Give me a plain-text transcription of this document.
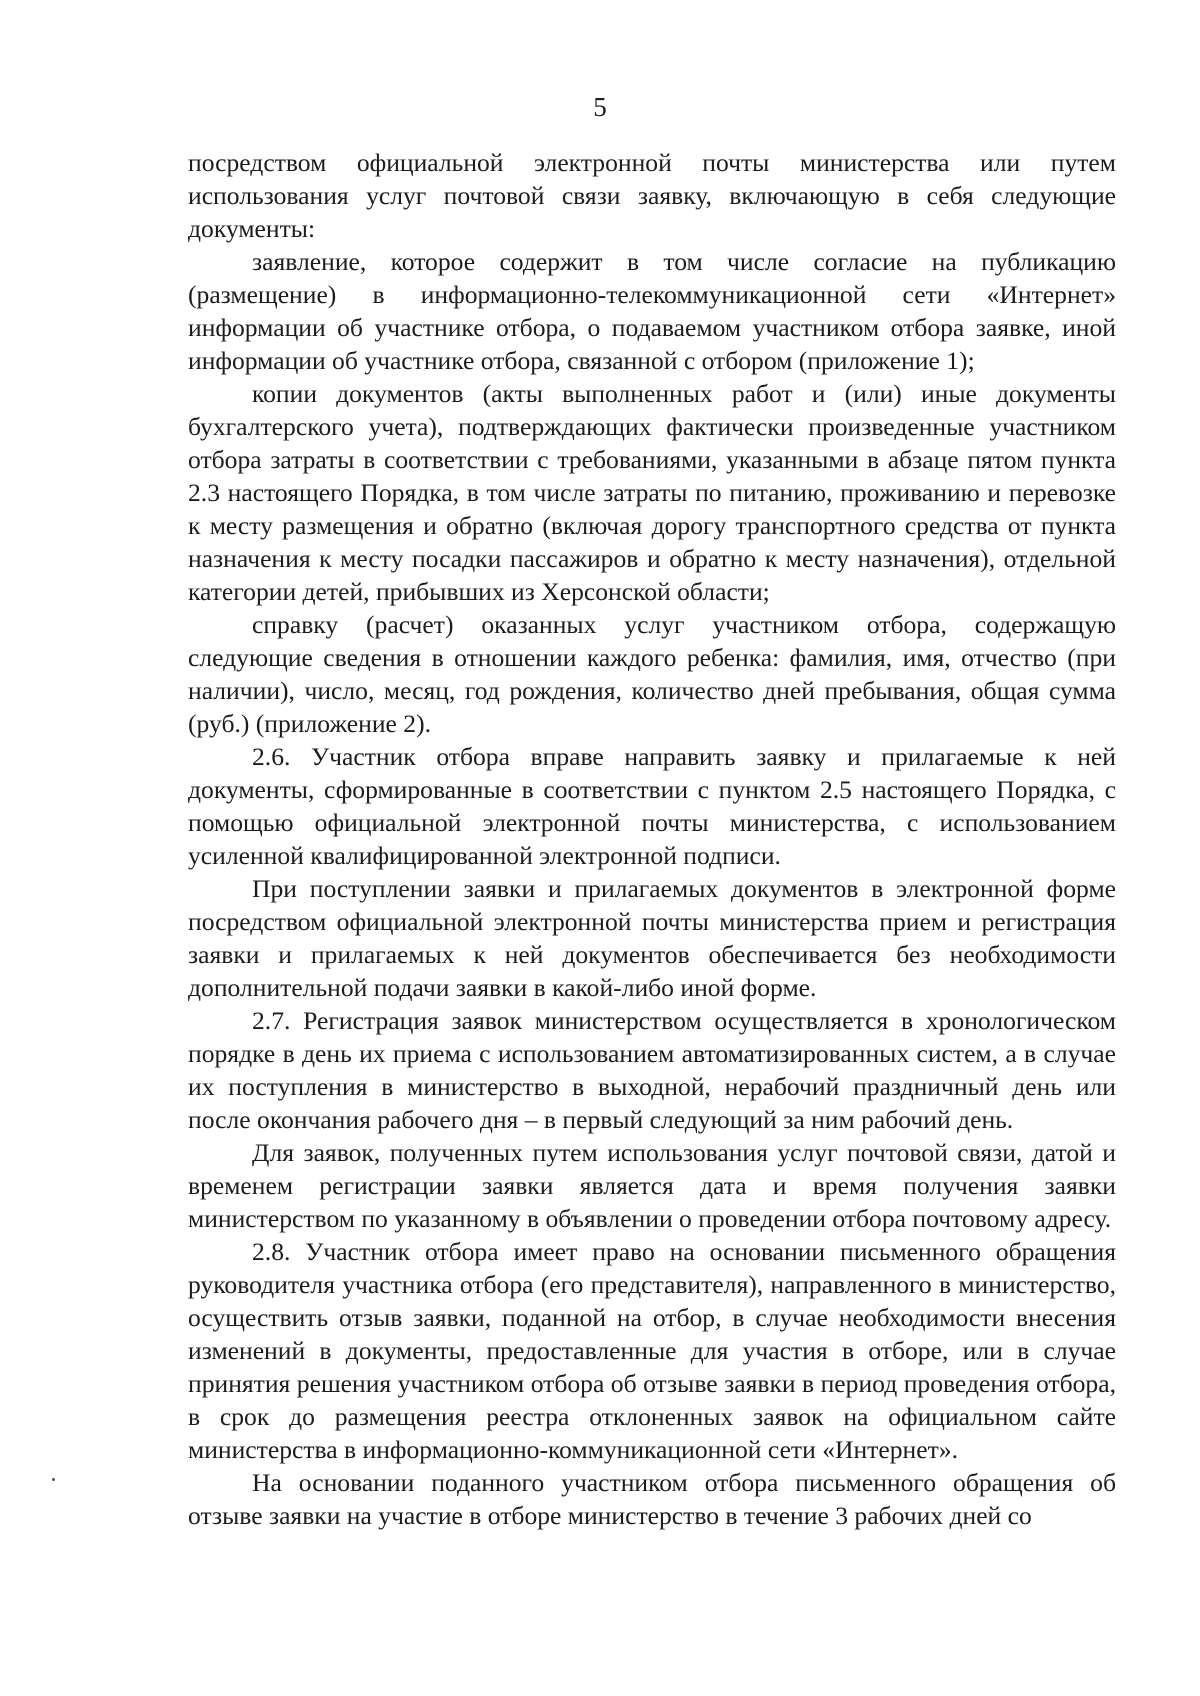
5

посредством официальной электронной почты министерства или путем использования услуг почтовой связи заявку, включающую в себя следующие документы:

заявление, которое содержит в том числе согласие на публикацию (размещение) в информационно-телекоммуникационной сети «Интернет» информации об участнике отбора, о подаваемом участником отбора заявке, иной информации об участнике отбора, связанной с отбором (приложение 1);

копии документов (акты выполненных работ и (или) иные документы бухгалтерского учета), подтверждающих фактически произведенные участником отбора затраты в соответствии с требованиями, указанными в абзаце пятом пункта 2.3 настоящего Порядка, в том числе затраты по питанию, проживанию и перевозке к месту размещения и обратно (включая дорогу транспортного средства от пункта назначения к месту посадки пассажиров и обратно к месту назначения), отдельной категории детей, прибывших из Херсонской области;

справку (расчет) оказанных услуг участником отбора, содержащую следующие сведения в отношении каждого ребенка: фамилия, имя, отчество (при наличии), число, месяц, год рождения, количество дней пребывания, общая сумма (руб.) (приложение 2).

2.6. Участник отбора вправе направить заявку и прилагаемые к ней документы, сформированные в соответствии с пунктом 2.5 настоящего Порядка, с помощью официальной электронной почты министерства, с использованием усиленной квалифицированной электронной подписи.

При поступлении заявки и прилагаемых документов в электронной форме посредством официальной электронной почты министерства прием и регистрация заявки и прилагаемых к ней документов обеспечивается без необходимости дополнительной подачи заявки в какой-либо иной форме.

2.7. Регистрация заявок министерством осуществляется в хронологическом порядке в день их приема с использованием автоматизированных систем, а в случае их поступления в министерство в выходной, нерабочий праздничный день или после окончания рабочего дня – в первый следующий за ним рабочий день.

Для заявок, полученных путем использования услуг почтовой связи, датой и временем регистрации заявки является дата и время получения заявки министерством по указанному в объявлении о проведении отбора почтовому адресу.

2.8. Участник отбора имеет право на основании письменного обращения руководителя участника отбора (его представителя), направленного в министерство, осуществить отзыв заявки, поданной на отбор, в случае необходимости внесения изменений в документы, предоставленные для участия в отборе, или в случае принятия решения участником отбора об отзыве заявки в период проведения отбора, в срок до размещения реестра отклоненных заявок на официальном сайте министерства в информационно-коммуникационной сети «Интернет».

На основании поданного участником отбора письменного обращения об отзыве заявки на участие в отборе министерство в течение 3 рабочих дней со
